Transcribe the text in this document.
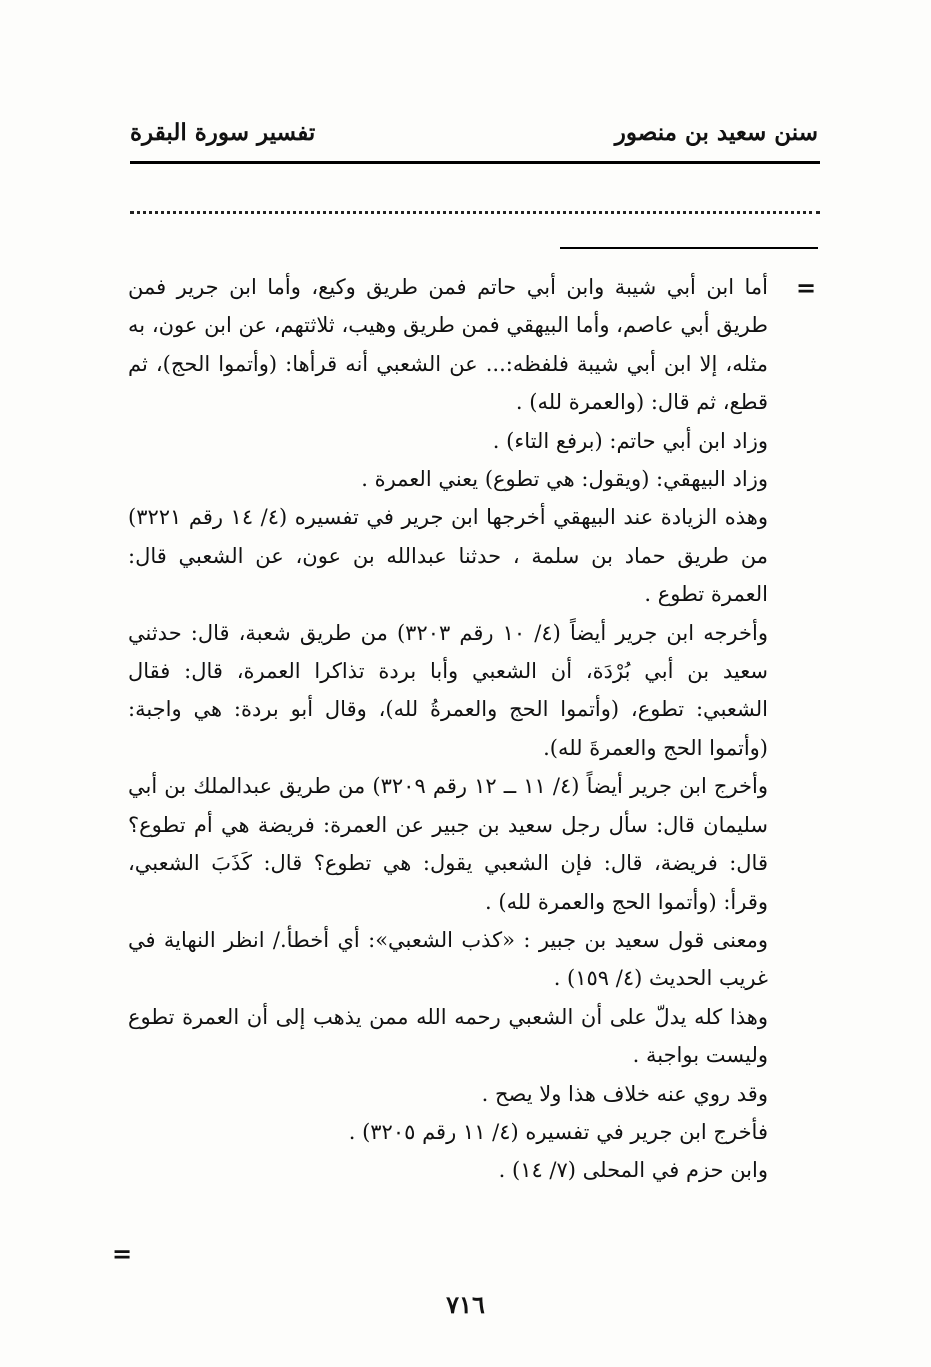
سنن سعيد بن منصور
تفسير سورة البقرة
=

أما ابن أبي شيبة وابن أبي حاتم فمن طريق وكيع، وأما ابن جرير فمن طريق أبي عاصم، وأما البيهقي فمن طريق وهيب، ثلاثتهم، عن ابن عون، به مثله، إلا ابن أبي شيبة فلفظه:... عن الشعبي أنه قرأها: (وأتموا الحج)، ثم قطع، ثم قال: (والعمرة لله) .

وزاد ابن أبي حاتم: (برفع التاء) .

وزاد البيهقي: (ويقول: هي تطوع) يعني العمرة .

وهذه الزيادة عند البيهقي أخرجها ابن جرير في تفسيره (٤/ ١٤ رقم ٣٢٢١) من طريق حماد بن سلمة ، حدثنا عبدالله بن عون، عن الشعبي قال: العمرة تطوع .

وأخرجه ابن جرير أيضاً (٤/ ١٠ رقم ٣٢٠٣) من طريق شعبة، قال: حدثني سعيد بن أبي بُرْدَة، أن الشعبي وأبا بردة تذاكرا العمرة، قال: فقال الشعبي: تطوع، (وأتموا الحج والعمرةُ لله)، وقال أبو بردة: هي واجبة: (وأتموا الحج والعمرةَ لله).

وأخرج ابن جرير أيضاً (٤/ ١١ ــ ١٢ رقم ٣٢٠٩) من طريق عبدالملك بن أبي سليمان قال: سأل رجل سعيد بن جبير عن العمرة: فريضة هي أم تطوع؟ قال: فريضة، قال: فإن الشعبي يقول: هي تطوع؟ قال: كَذَبَ الشعبي، وقرأ: (وأتموا الحج والعمرة لله) .

ومعنى قول سعيد بن جبير : «كذب الشعبي»: أي أخطأ./ انظر النهاية في غريب الحديث (٤/ ١٥٩) .

وهذا كله يدلّ على أن الشعبي رحمه الله ممن يذهب إلى أن العمرة تطوع وليست بواجبة .

وقد روي عنه خلاف هذا ولا يصح .

فأخرج ابن جرير في تفسيره (٤/ ١١ رقم ٣٢٠٥) .

وابن حزم في المحلى (٧/ ١٤) .

=
٧١٦
